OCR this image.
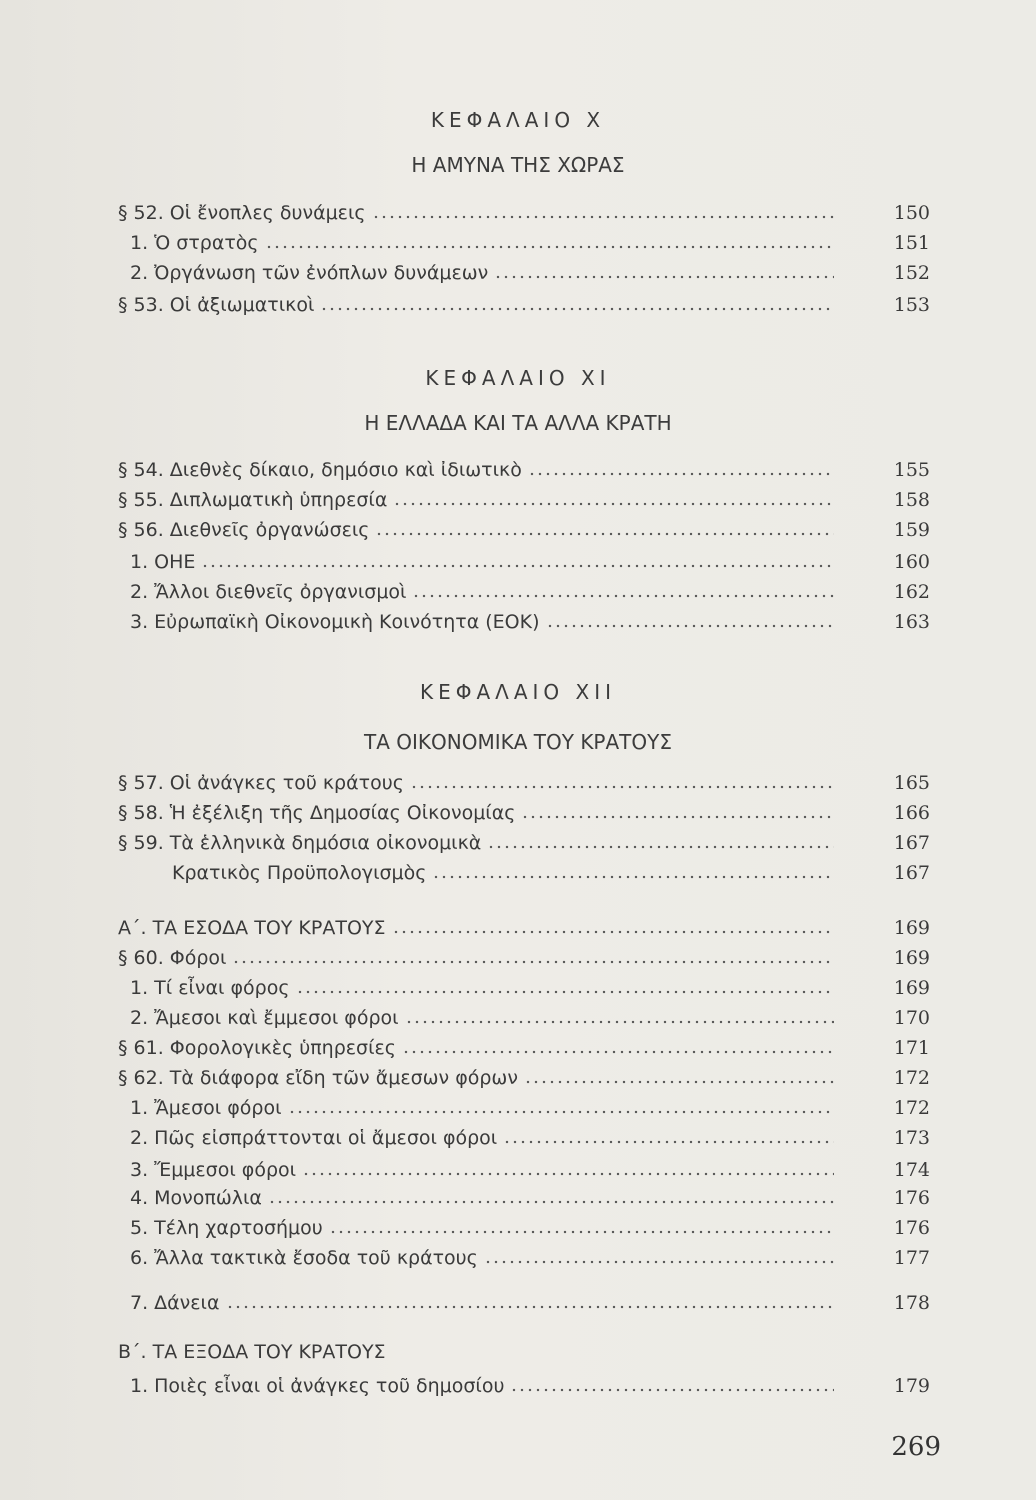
ΚΕΦΑΛΑΙΟ X
Η ΑΜΥΝΑ ΤΗΣ ΧΩΡΑΣ
§ 52. Οἱ ἔνοπλες δυνάμεις	150
1. Ὁ στρατὸς	151
2. Ὀργάνωση τῶν ἐνόπλων δυνάμεων	152
§ 53. Οἱ ἀξιωματικοὶ	153
ΚΕΦΑΛΑΙΟ XI
Η ΕΛΛΑΔΑ ΚΑΙ ΤΑ ΑΛΛΑ ΚΡΑΤΗ
§ 54. Διεθνὲς δίκαιο, δημόσιο καὶ ἰδιωτικὸ	155
§ 55. Διπλωματικὴ ὑπηρεσία	158
§ 56. Διεθνεῖς ὀργανώσεις	159
1. ΟΗΕ	160
2. Ἄλλοι διεθνεῖς ὀργανισμοὶ	162
3. Εὐρωπαϊκὴ Οἰκονομικὴ Κοινότητα (ΕΟΚ)	163
ΚΕΦΑΛΑΙΟ XII
ΤΑ ΟΙΚΟΝΟΜΙΚΑ ΤΟΥ ΚΡΑΤΟΥΣ
§ 57. Οἱ ἀνάγκες τοῦ κράτους	165
§ 58. Ἡ ἐξέλιξη τῆς Δημοσίας Οἰκονομίας	166
§ 59. Τὰ ἑλληνικὰ δημόσια οἰκονομικὰ	167
Κρατικὸς Προϋπολογισμὸς	167
Α΄. ΤΑ ΕΣΟΔΑ ΤΟΥ ΚΡΑΤΟΥΣ	169
§ 60. Φόροι	169
1. Τί εἶναι φόρος	169
2. Ἄμεσοι καὶ ἔμμεσοι φόροι	170
§ 61. Φορολογικὲς ὑπηρεσίες	171
§ 62. Τὰ διάφορα εἴδη τῶν ἄμεσων φόρων	172
1. Ἄμεσοι φόροι	172
2. Πῶς εἰσπράττονται οἱ ἄμεσοι φόροι	173
3. Ἔμμεσοι φόροι	174
4. Μονοπώλια	176
5. Τέλη χαρτοσήμου	176
6. Ἄλλα τακτικὰ ἔσοδα τοῦ κράτους	177
7. Δάνεια	178
Β΄. ΤΑ ΕΞΟΔΑ ΤΟΥ ΚΡΑΤΟΥΣ
1. Ποιὲς εἶναι οἱ ἀνάγκες τοῦ δημοσίου	179
269
